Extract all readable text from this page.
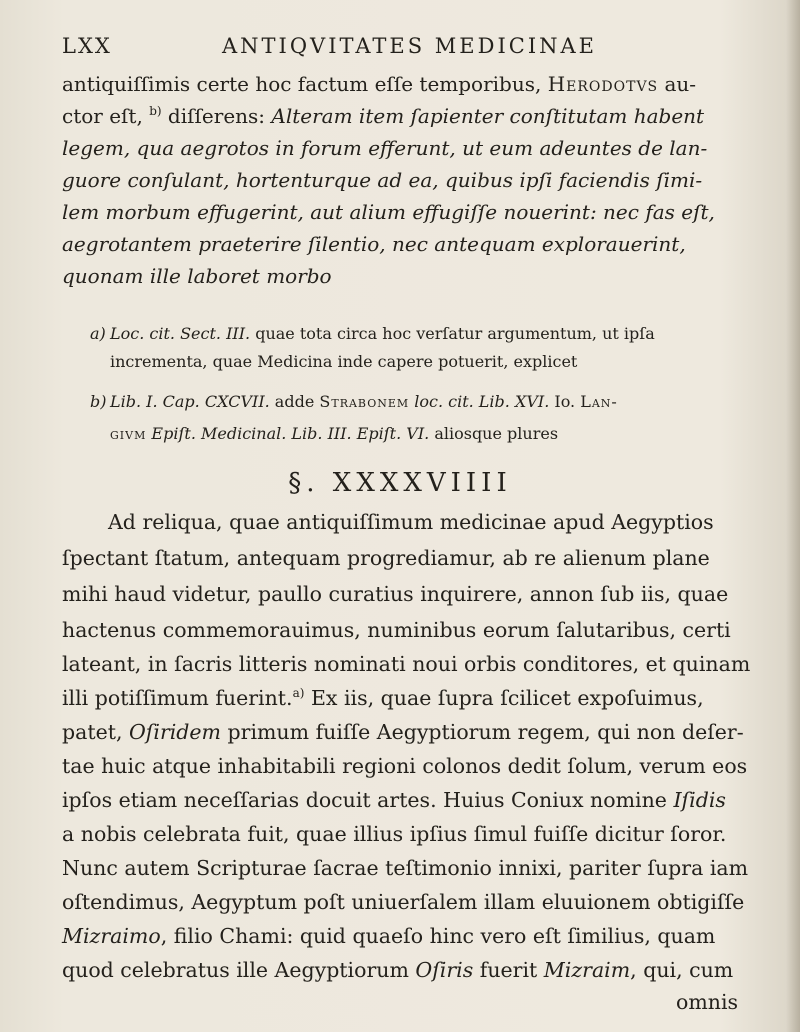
LXX	ANTIQVITATES MEDICINAE
antiquiſſimis certe hoc factum eſſe temporibus, Herodotvs au-
ctor eſt, $^{b)}$ diſſerens: Alteram item ſapienter conſtitutam habent
legem, qua aegrotos in forum efferunt, ut eum adeuntes de lan-
guore conſulant, hortenturque ad ea, quibus ipſi faciendis ſimi-
lem morbum effugerint, aut alium effugiſſe nouerint: nec fas eſt,
aegrotantem praeterire ſilentio, nec antequam explorauerint,
quonam ille laboret morbo
a) Loc. cit. Sect. III. quae tota circa hoc verſatur argumentum, ut ipſa
incrementa, quae Medicina inde capere potuerit, explicet
b) Lib. I. Cap. CXCVII. adde Strabonem loc. cit. Lib. XVI. Io. Lan-
givm Epiſt. Medicinal. Lib. III. Epiſt. VI. aliosque plures
§. XXXXVIIII
Ad reliqua, quae antiquiſſimum medicinae apud Aegyptios
ſpectant ſtatum, antequam progrediamur, ab re alienum plane
mihi haud videtur, paullo curatius inquirere, annon ſub iis, quae
hactenus commemorauimus, numinibus eorum ſalutaribus, certi
lateant, in ſacris litteris nominati noui orbis conditores, et quinam
illi potiſſimum fuerint.$^{a)}$ Ex iis, quae ſupra ſcilicet expoſuimus,
patet, Oſiridem primum fuiſſe Aegyptiorum regem, qui non deſer-
tae huic atque inhabitabili regioni colonos dedit ſolum, verum eos
ipſos etiam neceſſarias docuit artes. Huius Coniux nomine Iſidis
a nobis celebrata fuit, quae illius ipſius ſimul fuiſſe dicitur ſoror.
Nunc autem Scripturae ſacrae teſtimonio innixi, pariter ſupra iam
oſtendimus, Aegyptum poſt uniuerſalem illam eluuionem obtigiſſe
Mizraimo, filio Chami: quid quaeſo hinc vero eſt ſimilius, quam
quod celebratus ille Aegyptiorum Oſiris fuerit Mizraim, qui, cum
omnis
